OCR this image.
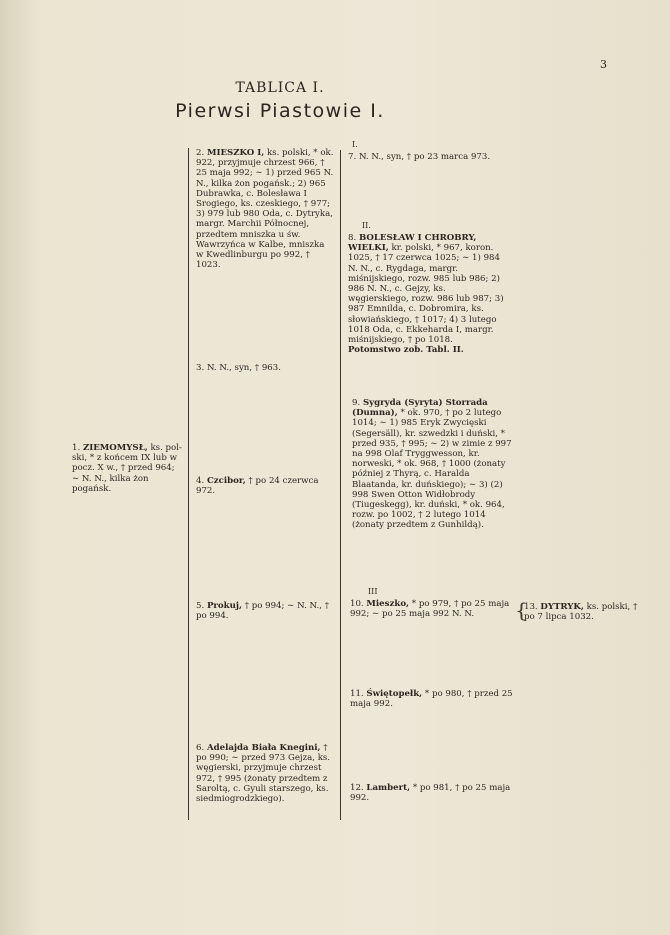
3
TABLICA I.
Pierwsi Piastowie I.
I.
II.
III

1. ZIEMOMYSŁ, ks. pol-ski, * z końcem IX lub w pocz. X w., † przed 964; ∼ N. N., kilka żon pogańsk.

2. MIESZKO I, ks. polski, * ok. 922, przyjmuje chrzest 966, † 25 maja 992; ∼ 1) przed 965 N. N., kilka żon pogańsk.; 2) 965 Dubrawka, c. Bolesława I Srogiego, ks. czeskiego, † 977; 3) 979 lub 980 Oda, c. Dytryka, margr. Marchii Północnej, przedtem mniszka u św. Wawrzyńca w Kalbe, mniszka w Kwedlinburgu po 992, † 1023.

3. N. N., syn, † 963.

4. Czcibor, † po 24 czerwca 972.

5. Prokuj, † po 994; ∼ N. N., † po 994.

6. Adelajda Biała Knegini, † po 990; ∼ przed 973 Gejza, ks. węgierski, przyjmuje chrzest 972, † 995 (żonaty przedtem z Saroltą, c. Gyuli starszego, ks. siedmiogrodzkiego).

7. N. N., syn, † po 23 marca 973.

8. BOLESŁAW I CHROBRY, WIELKI, kr. polski, * 967, koron. 1025, † 17 czerwca 1025; ∼ 1) 984 N. N., c. Rygdaga, margr. miśnijskiego, rozw. 985 lub 986; 2) 986 N. N., c. Gejzy, ks. węgierskiego, rozw. 986 lub 987; 3) 987 Emnilda, c. Dobromira, ks. słowiańskiego, † 1017; 4) 3 lutego 1018 Oda, c. Ekkeharda I, margr. miśnijskiego, † po 1018. Potomstwo zob. Tabl. II.

9. Sygryda (Syryta) Storrada (Dumna), * ok. 970, † po 2 lutego 1014; ∼ 1) 985 Eryk Zwycięski (Segersäll), kr. szwedzki i duński, * przed 935, † 995; ∼ 2) w zimie z 997 na 998 Olaf Tryggwesson, kr. norweski, * ok. 968, † 1000 (żonaty później z Thyrą, c. Haralda Blaatanda, kr. duńskiego); ∼ 3) (2) 998 Swen Otton Widłobrody (Tiugeskegg), kr. duński, * ok. 964, rozw. po 1002, † 2 lutego 1014 (żonaty przedtem z Gunhildą).

10. Mieszko, * po 979, † po 25 maja 992; ∼ po 25 maja 992 N. N.	{

11. Świętopełk, * po 980, † przed 25 maja 992.

12. Lambert, * po 981, † po 25 maja 992.

13. DYTRYK, ks. polski, † po 7 lipca 1032.
